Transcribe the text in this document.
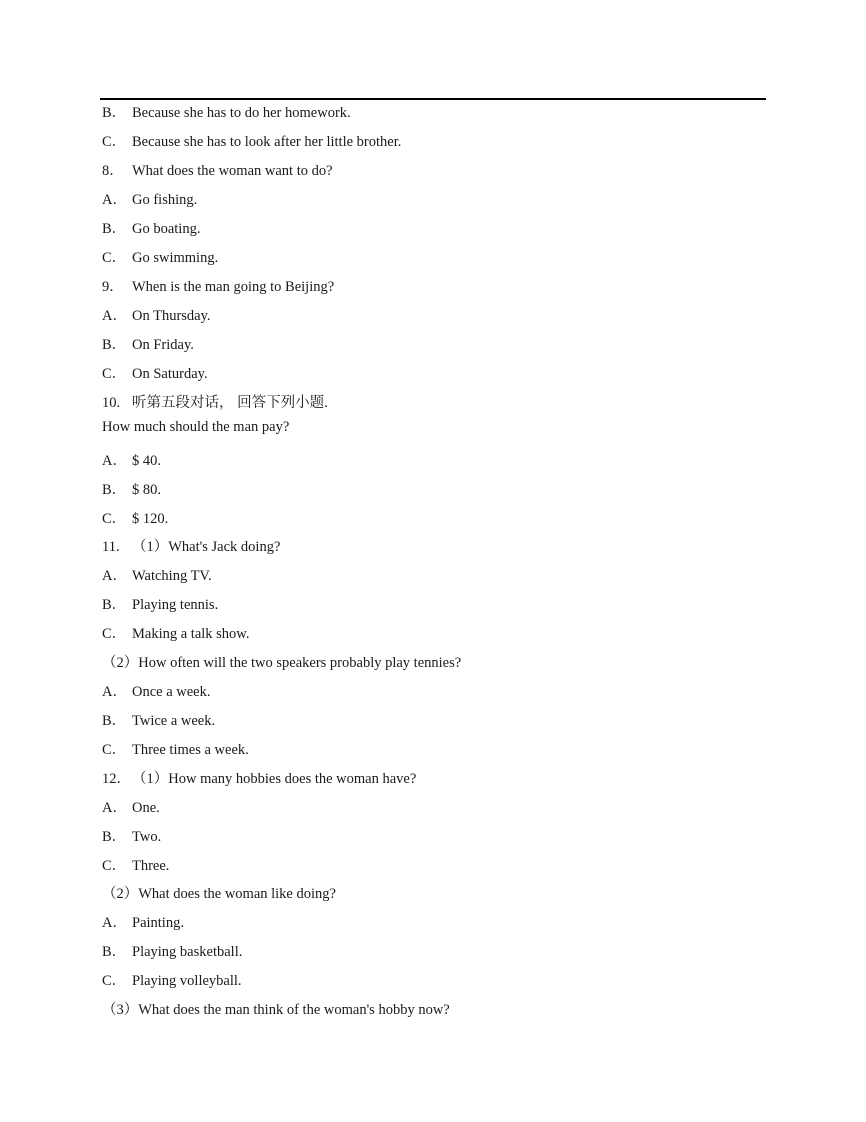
B． Because she has to do her homework.
C． Because she has to look after her little brother.
8． What does the woman want to do?
A． Go fishing.
B． Go boating.
C． Go swimming.
9． When is the man going to Beijing?
A． On Thursday.
B． On Friday.
C． On Saturday.
10. 听第五段对话， 回答下列小题.
How much should the man pay?
A． $ 40.
B． $ 80.
C． $ 120.
11. （1）What's Jack doing?
A． Watching TV.
B． Playing tennis.
C． Making a talk show.
（2）How often will the two speakers probably play tennies?
A． Once a week.
B． Twice a week.
C． Three times a week.
12．（1）How many hobbies does the woman have?
A． One.
B． Two.
C． Three.
（2）What does the woman like doing?
A． Painting.
B． Playing basketball.
C． Playing volleyball.
（3）What does the man think of the woman's hobby now?
